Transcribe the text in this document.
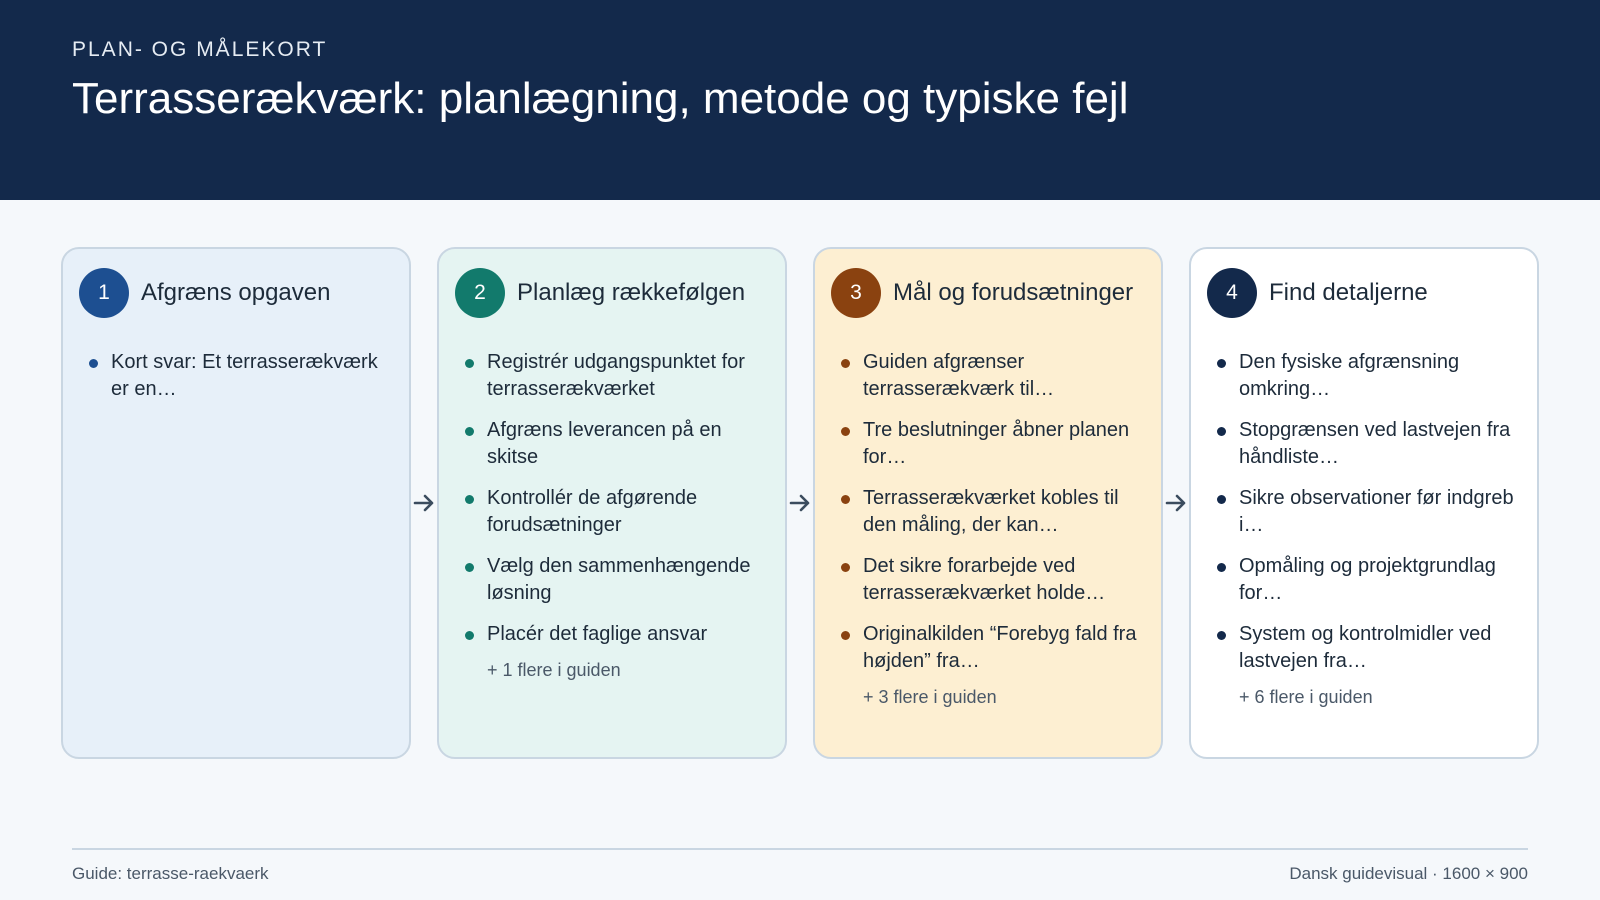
PLAN- OG MÅLEKORT
Terrasserækværk: planlægning, metode og typiske fejl
1	Afgræns opgaven
Kort svar: Et terrasserækværk er en…
2	Planlæg rækkefølgen
Registrér udgangspunktet for terrasserækværket
Afgræns leverancen på en skitse
Kontrollér de afgørende forudsætninger
Vælg den sammenhængende løsning
Placér det faglige ansvar
+ 1 flere i guiden
3	Mål og forudsætninger
Guiden afgrænser terrasserækværk til…
Tre beslutninger åbner planen for…
Terrasserækværket kobles til den måling, der kan…
Det sikre forarbejde ved terrasserækværket holde…
Originalkilden “Forebyg fald fra højden” fra…
+ 3 flere i guiden
4	Find detaljerne
Den fysiske afgrænsning omkring…
Stopgrænsen ved lastvejen fra håndliste…
Sikre observationer før indgreb i…
Opmåling og projektgrundlag for…
System og kontrolmidler ved lastvejen fra…
+ 6 flere i guiden
Guide: terrasse-raekvaerk	Dansk guidevisual · 1600 × 900
